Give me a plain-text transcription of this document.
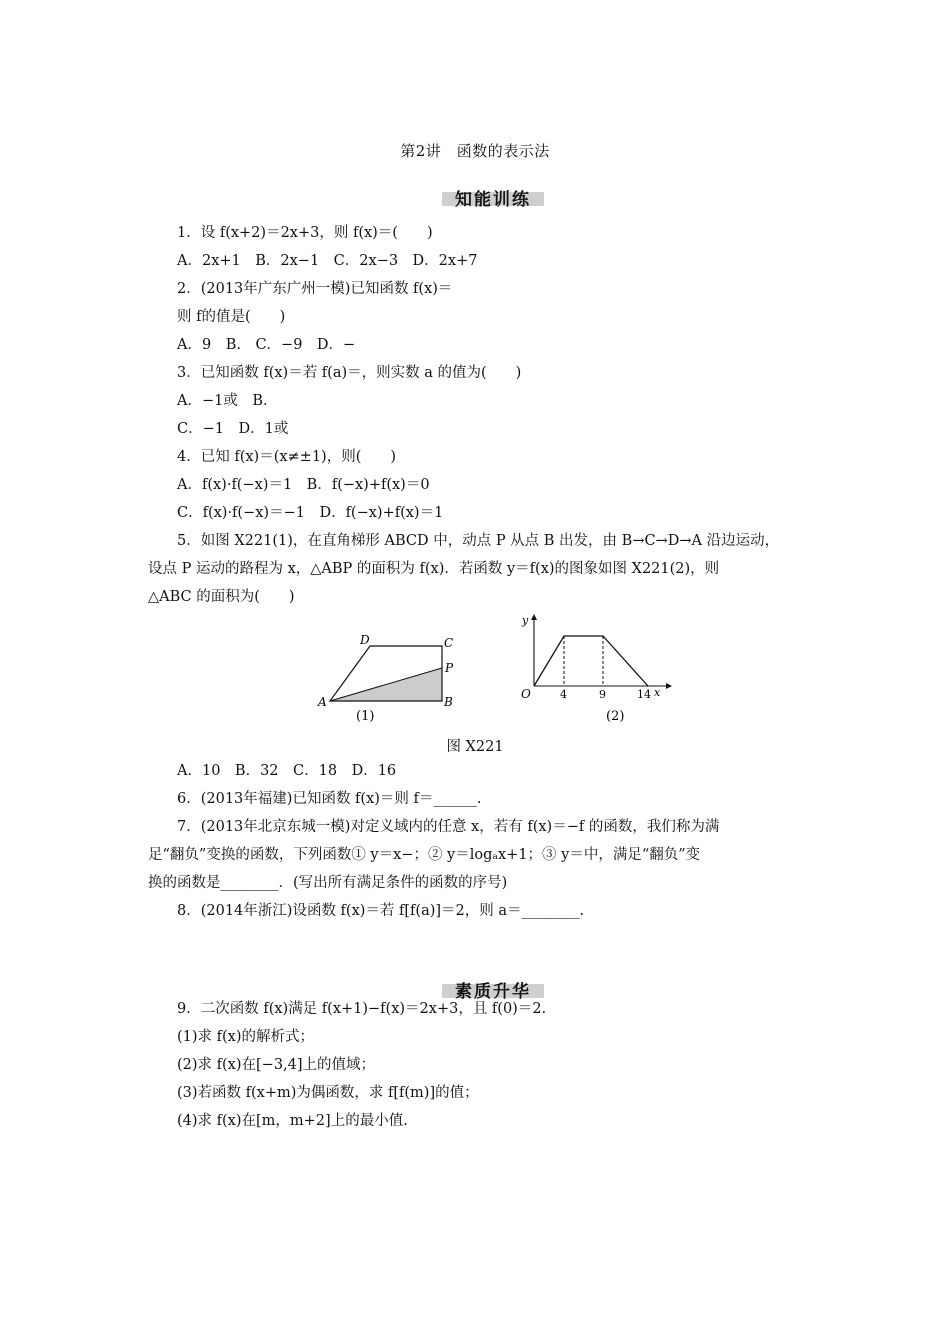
第2讲　函数的表示法
知能训练
1．设 f(x+2)＝2x+3，则 f(x)＝(　　)
A．2x+1　B．2x−1　C．2x−3　D．2x+7
2．(2013年广东广州一模)已知函数 f(x)＝
则 f的值是(　　)
A．9　B.　C．−9　D．−
3．已知函数 f(x)＝若 f(a)＝，则实数 a 的值为(　　)
A．−1或　B.
C．−1　D．1或
4．已知 f(x)＝(x≠±1)，则(　　)
A．f(x)·f(−x)＝1　B．f(−x)+f(x)＝0
C．f(x)·f(−x)＝−1　D．f(−x)+f(x)＝1
5．如图 X221(1)，在直角梯形 ABCD 中，动点 P 从点 B 出发，由 B→C→D→A 沿边运动，
设点 P 运动的路程为 x，△ABP 的面积为 f(x)．若函数 y＝f(x)的图象如图 X221(2)，则
△ABC 的面积为(　　)
A	B
C
D
P
(1)
O	4	9	14 x
y
(2)
图 X221
A．10　B．32　C．18　D．16
6．(2013年福建)已知函数 f(x)＝则 f＝______.
7．(2013年北京东城一模)对定义域内的任意 x，若有 f(x)＝−f 的函数，我们称为满
足“翻负”变换的函数，下列函数① y＝x−；② y＝logₐx+1；③ y＝中，满足“翻负”变
换的函数是________．(写出所有满足条件的函数的序号)
8．(2014年浙江)设函数 f(x)＝若 f[f(a)]＝2，则 a＝________.
素质升华
9．二次函数 f(x)满足 f(x+1)−f(x)＝2x+3，且 f(0)＝2.
(1)求 f(x)的解析式；
(2)求 f(x)在[−3,4]上的值域；
(3)若函数 f(x+m)为偶函数，求 f[f(m)]的值；
(4)求 f(x)在[m，m+2]上的最小值.
